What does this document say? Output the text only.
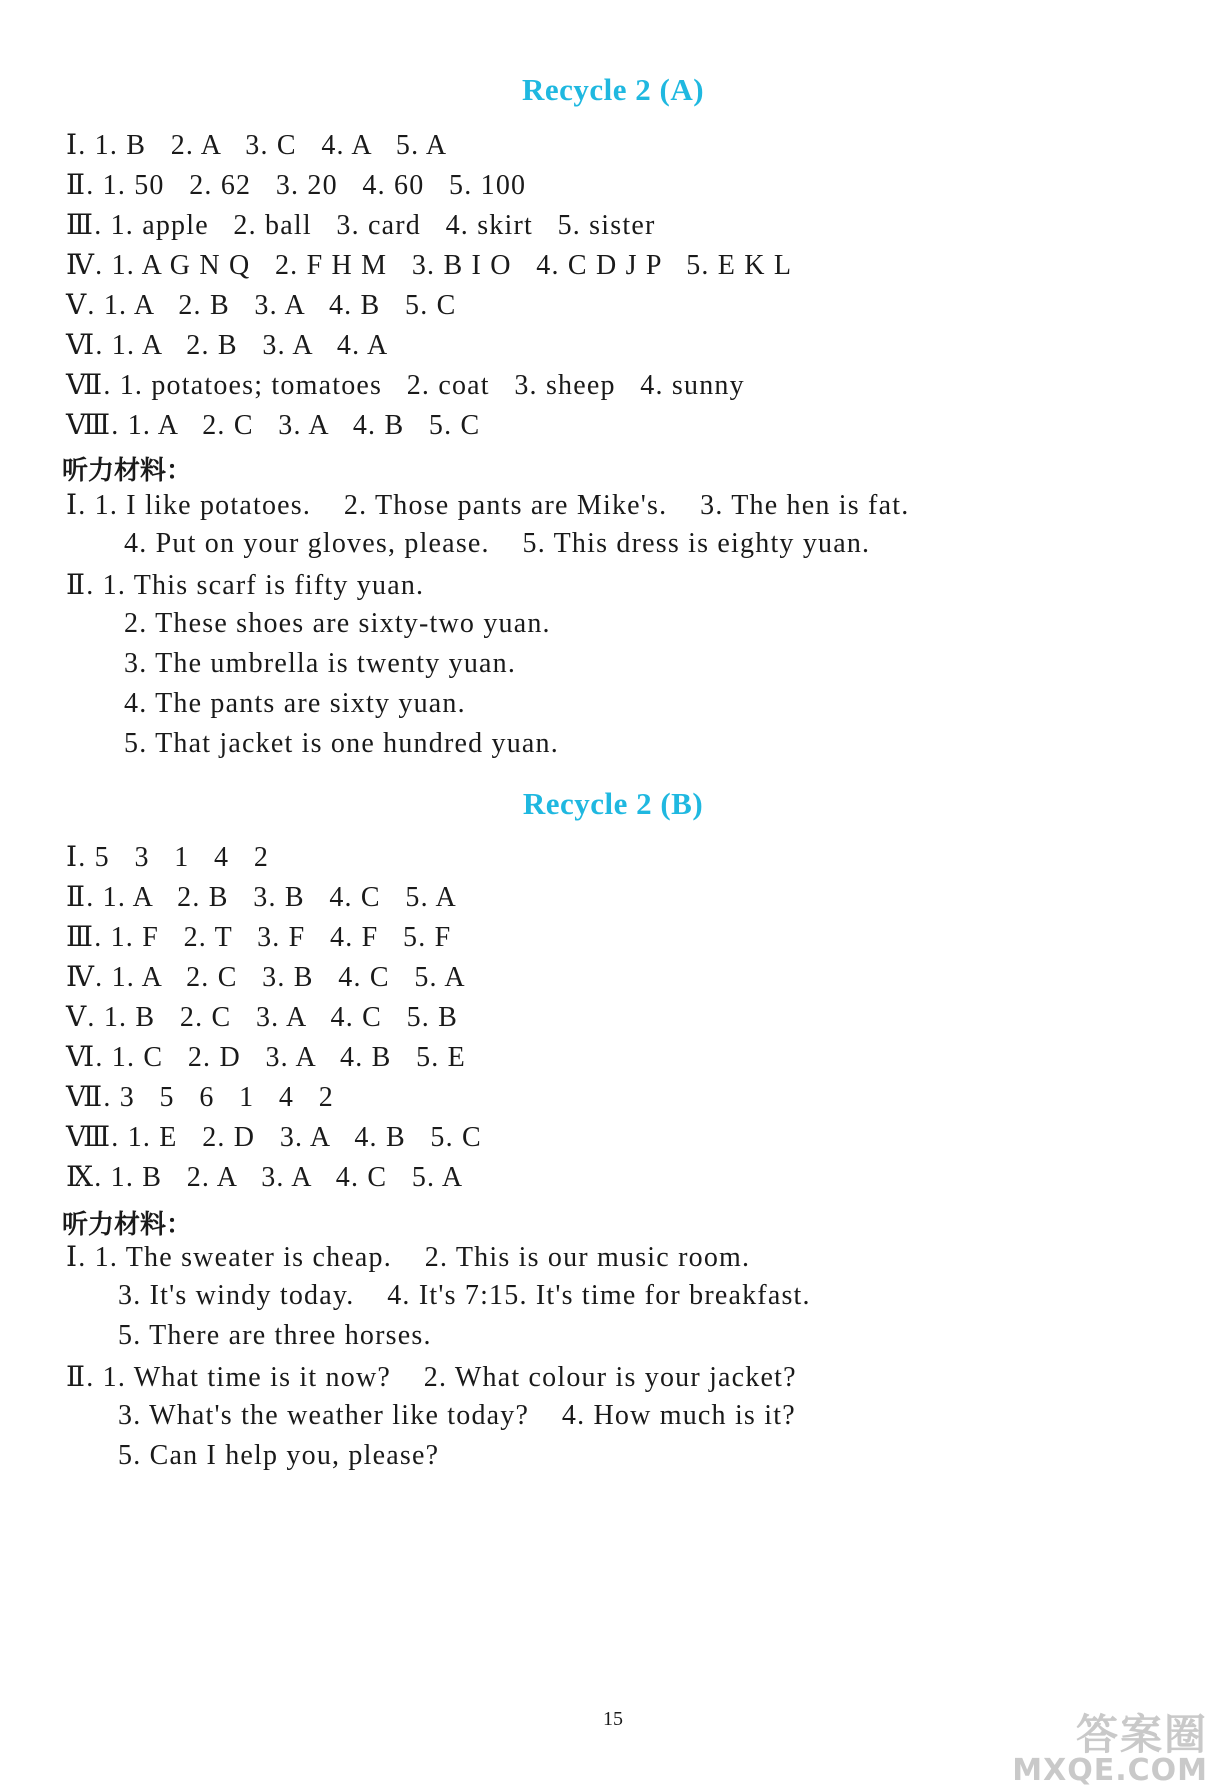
Recycle 2 (A)
Ⅰ. 1. B   2. A   3. C   4. A   5. A
Ⅱ. 1. 50   2. 62   3. 20   4. 60   5. 100
Ⅲ. 1. apple   2. ball   3. card   4. skirt   5. sister
Ⅳ. 1. A G N Q   2. F H M   3. B I O   4. C D J P   5. E K L
Ⅴ. 1. A   2. B   3. A   4. B   5. C
Ⅵ. 1. A   2. B   3. A   4. A
Ⅶ. 1. potatoes; tomatoes   2. coat   3. sheep   4. sunny
Ⅷ. 1. A   2. C   3. A   4. B   5. C
听力材料：
Ⅰ. 1. I like potatoes.    2. Those pants are Mike's.    3. The hen is fat.
4. Put on your gloves, please.    5. This dress is eighty yuan.
Ⅱ. 1. This scarf is fifty yuan.
2. These shoes are sixty-two yuan.
3. The umbrella is twenty yuan.
4. The pants are sixty yuan.
5. That jacket is one hundred yuan.
Recycle 2 (B)
Ⅰ. 5   3   1   4   2
Ⅱ. 1. A   2. B   3. B   4. C   5. A
Ⅲ. 1. F   2. T   3. F   4. F   5. F
Ⅳ. 1. A   2. C   3. B   4. C   5. A
Ⅴ. 1. B   2. C   3. A   4. C   5. B
Ⅵ. 1. C   2. D   3. A   4. B   5. E
Ⅶ. 3   5   6   1   4   2
Ⅷ. 1. E   2. D   3. A   4. B   5. C
Ⅸ. 1. B   2. A   3. A   4. C   5. A
听力材料：
Ⅰ. 1. The sweater is cheap.    2. This is our music room.
3. It's windy today.    4. It's 7:15. It's time for breakfast.
5. There are three horses.
Ⅱ. 1. What time is it now?    2. What colour is your jacket?
3. What's the weather like today?    4. How much is it?
5. Can I help you, please?
15	答案圈
MXQE.COM
